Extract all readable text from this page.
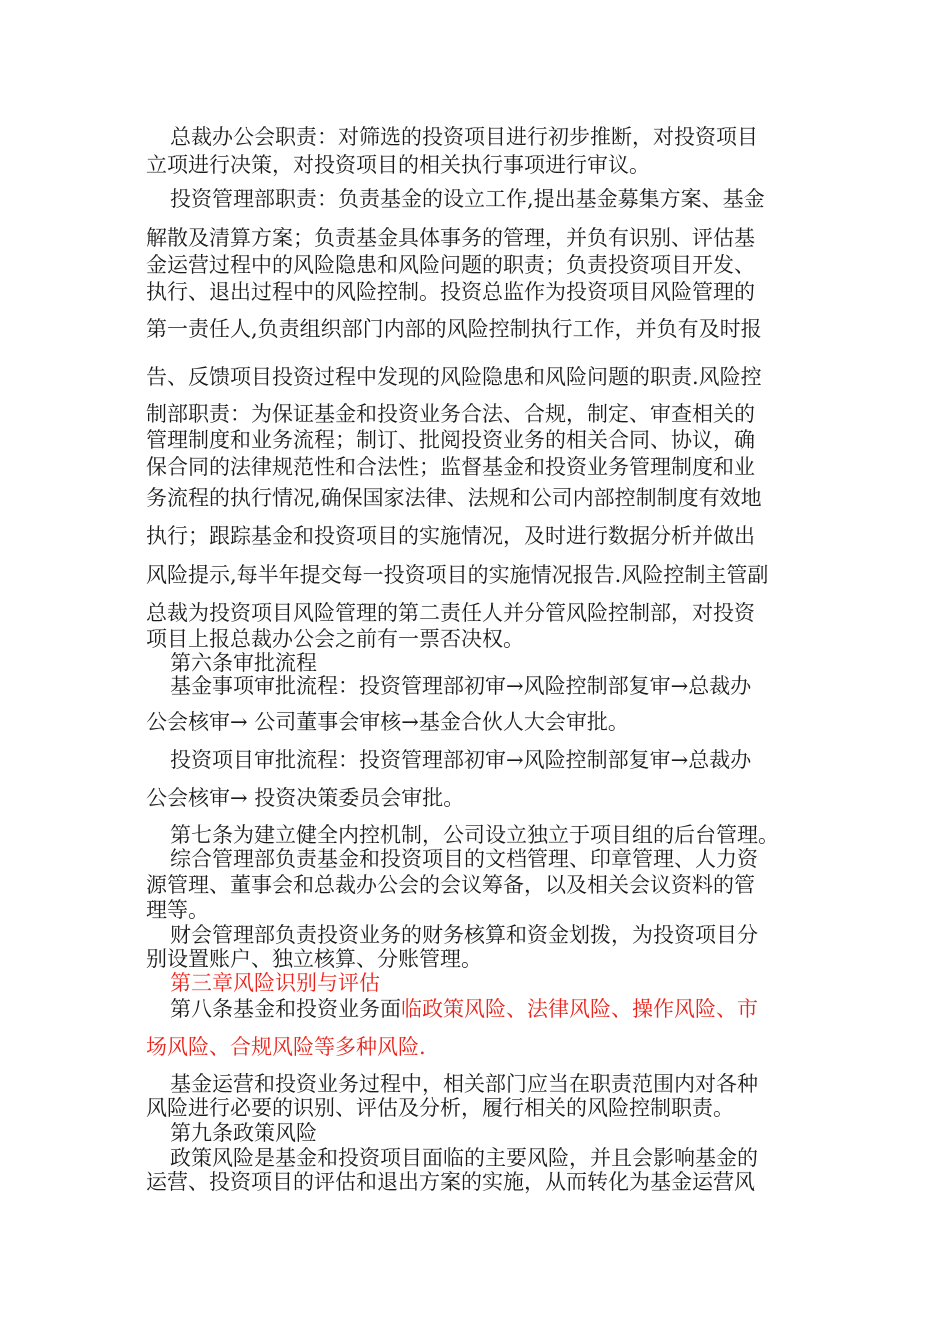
总裁办公会职责：对筛选的投资项目进行初步推断，对投资项目
立项进行决策，对投资项目的相关执行事项进行审议。
投资管理部职责：负责基金的设立工作,提出基金募集方案、基金
解散及清算方案；负责基金具体事务的管理，并负有识别、评估基
金运营过程中的风险隐患和风险问题的职责；负责投资项目开发、
执行、退出过程中的风险控制。投资总监作为投资项目风险管理的
第一责任人,负责组织部门内部的风险控制执行工作，并负有及时报
告、反馈项目投资过程中发现的风险隐患和风险问题的职责.风险控
制部职责：为保证基金和投资业务合法、合规，制定、审查相关的
管理制度和业务流程；制订、批阅投资业务的相关合同、协议，确
保合同的法律规范性和合法性；监督基金和投资业务管理制度和业
务流程的执行情况,确保国家法律、法规和公司内部控制制度有效地
执行；跟踪基金和投资项目的实施情况，及时进行数据分析并做出
风险提示,每半年提交每一投资项目的实施情况报告.风险控制主管副
总裁为投资项目风险管理的第二责任人并分管风险控制部，对投资
项目上报总裁办公会之前有一票否决权。
第六条审批流程
基金事项审批流程：投资管理部初审→风险控制部复审→总裁办
公会核审→ 公司董事会审核→基金合伙人大会审批。
投资项目审批流程：投资管理部初审→风险控制部复审→总裁办
公会核审→ 投资决策委员会审批。
第七条为建立健全内控机制，公司设立独立于项目组的后台管理。
综合管理部负责基金和投资项目的文档管理、印章管理、人力资
源管理、董事会和总裁办公会的会议筹备，以及相关会议资料的管
理等。
财会管理部负责投资业务的财务核算和资金划拨，为投资项目分
别设置账户、独立核算、分账管理。
第三章风险识别与评估
第八条基金和投资业务面临政策风险、法律风险、操作风险、市
场风险、合规风险等多种风险.
基金运营和投资业务过程中，相关部门应当在职责范围内对各种
风险进行必要的识别、评估及分析，履行相关的风险控制职责。
第九条政策风险
政策风险是基金和投资项目面临的主要风险，并且会影响基金的
运营、投资项目的评估和退出方案的实施，从而转化为基金运营风
